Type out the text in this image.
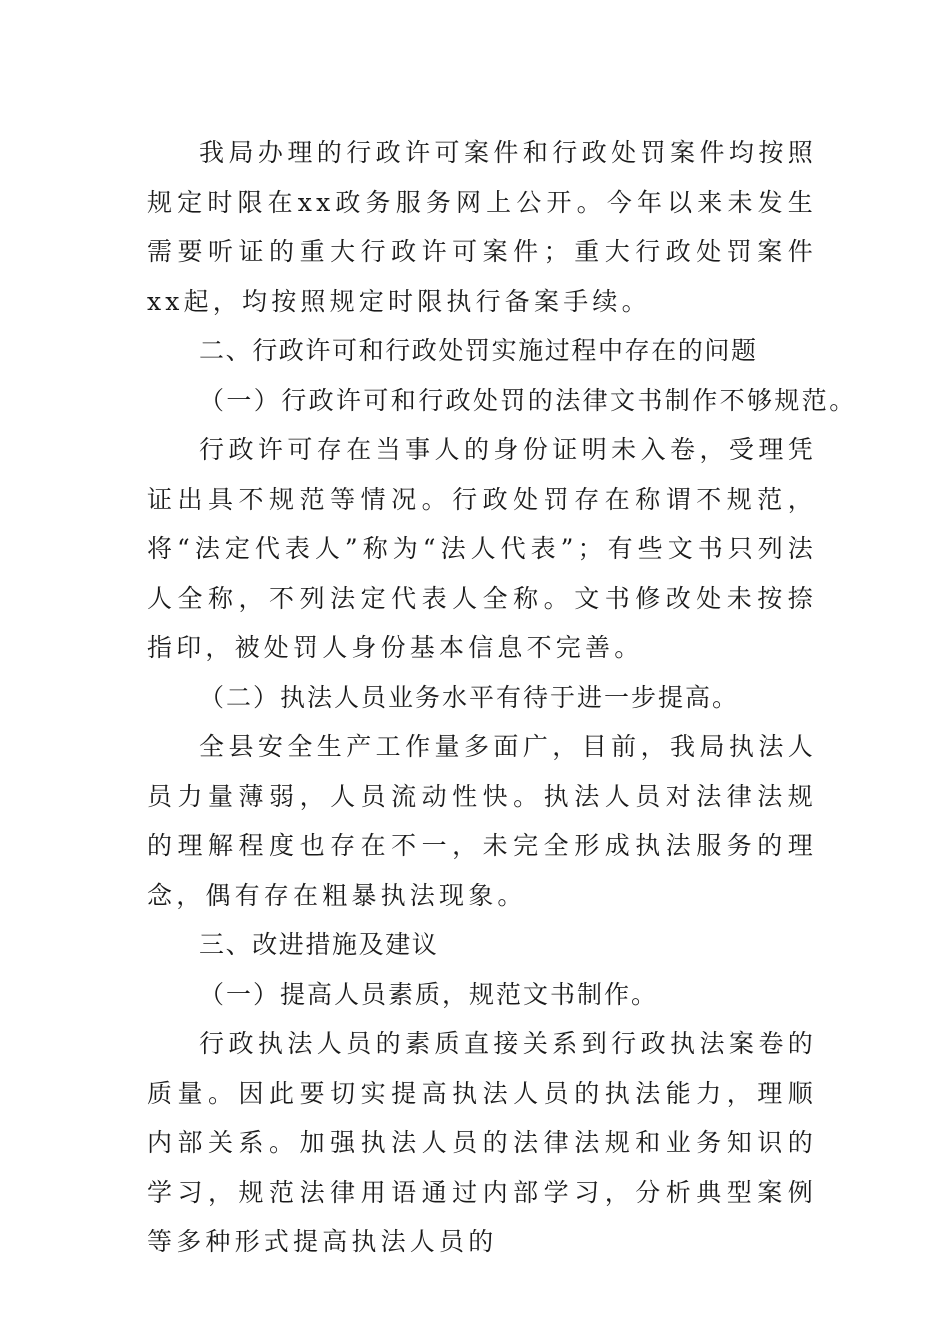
我局办理的行政许可案件和行政处罚案件均按照规定时限在xx政务服务网上公开。今年以来未发生需要听证的重大行政许可案件；重大行政处罚案件xx起，均按照规定时限执行备案手续。

二、行政许可和行政处罚实施过程中存在的问题

（一）行政许可和行政处罚的法律文书制作不够规范。

行政许可存在当事人的身份证明未入卷，受理凭证出具不规范等情况。行政处罚存在称谓不规范，将“法定代表人”称为“法人代表”；有些文书只列法人全称，不列法定代表人全称。文书修改处未按捺指印，被处罚人身份基本信息不完善。

（二）执法人员业务水平有待于进一步提高。

全县安全生产工作量多面广，目前，我局执法人员力量薄弱，人员流动性快。执法人员对法律法规的理解程度也存在不一，未完全形成执法服务的理念，偶有存在粗暴执法现象。

三、改进措施及建议

（一）提高人员素质，规范文书制作。

行政执法人员的素质直接关系到行政执法案卷的质量。因此要切实提高执法人员的执法能力，理顺内部关系。加强执法人员的法律法规和业务知识的学习，规范法律用语通过内部学习，分析典型案例等多种形式提高执法人员的
